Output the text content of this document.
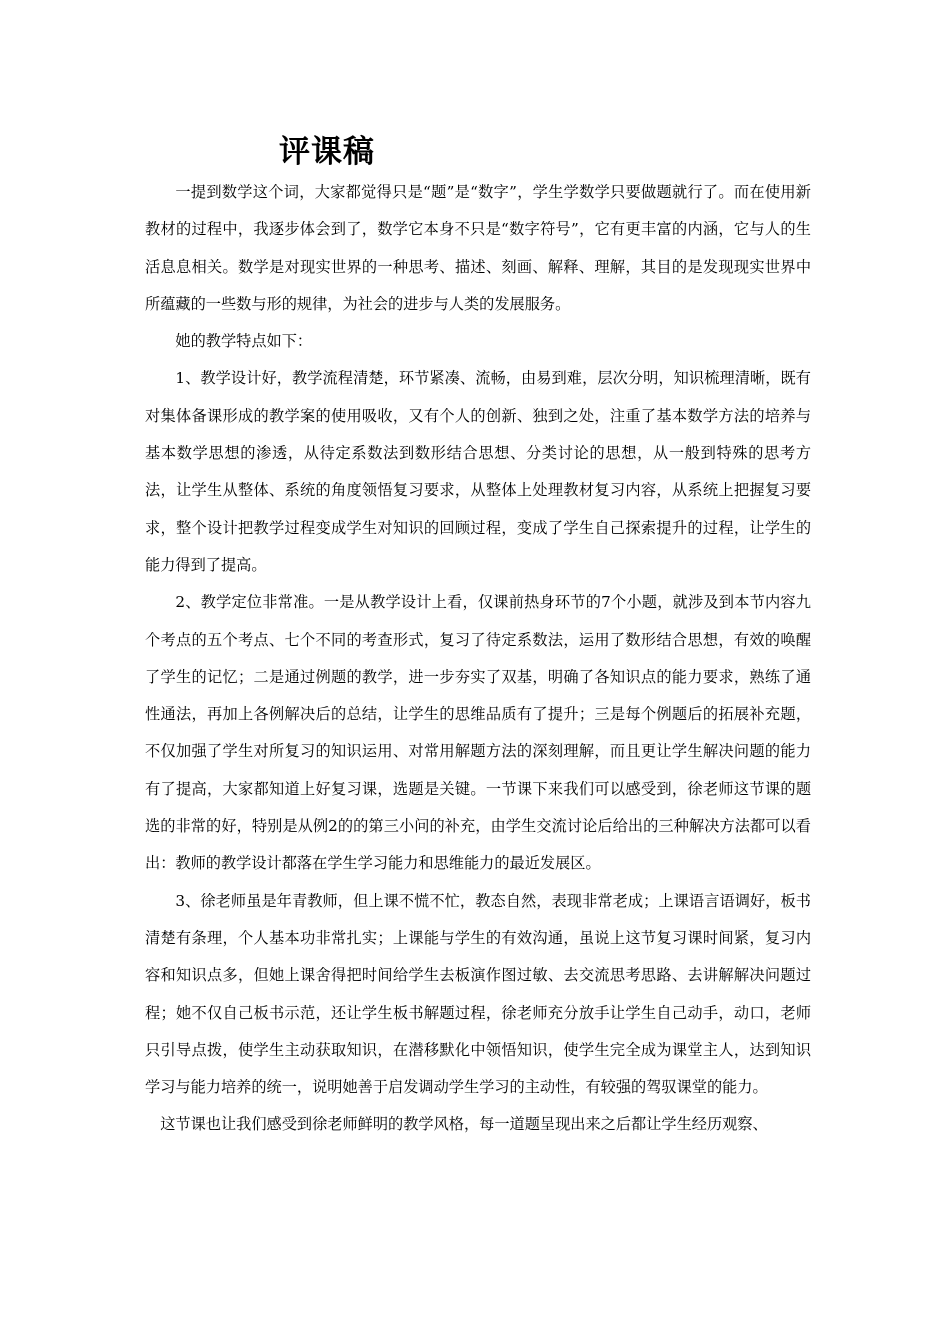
评课稿

一提到数学这个词，大家都觉得只是“题”是“数字”，学生学数学只要做题就行了。而在使用新教材的过程中，我逐步体会到了，数学它本身不只是“数字符号”，它有更丰富的内涵，它与人的生活息息相关。数学是对现实世界的一种思考、描述、刻画、解释、理解，其目的是发现现实世界中所蕴藏的一些数与形的规律，为社会的进步与人类的发展服务。

她的教学特点如下：

1、教学设计好，教学流程清楚，环节紧凑、流畅，由易到难，层次分明，知识梳理清晰，既有对集体备课形成的教学案的使用吸收，又有个人的创新、独到之处，注重了基本数学方法的培养与基本数学思想的渗透，从待定系数法到数形结合思想、分类讨论的思想，从一般到特殊的思考方法，让学生从整体、系统的角度领悟复习要求，从整体上处理教材复习内容，从系统上把握复习要求，整个设计把教学过程变成学生对知识的回顾过程，变成了学生自己探索提升的过程，让学生的能力得到了提高。

2、教学定位非常准。一是从教学设计上看，仅课前热身环节的7个小题，就涉及到本节内容九个考点的五个考点、七个不同的考查形式，复习了待定系数法，运用了数形结合思想，有效的唤醒了学生的记忆；二是通过例题的教学，进一步夯实了双基，明确了各知识点的能力要求，熟练了通性通法，再加上各例解决后的总结，让学生的思维品质有了提升；三是每个例题后的拓展补充题，不仅加强了学生对所复习的知识运用、对常用解题方法的深刻理解，而且更让学生解决问题的能力有了提高，大家都知道上好复习课，选题是关键。一节课下来我们可以感受到，徐老师这节课的题选的非常的好，特别是从例2的的第三小问的补充，由学生交流讨论后给出的三种解决方法都可以看出：教师的教学设计都落在学生学习能力和思维能力的最近发展区。

3、徐老师虽是年青教师，但上课不慌不忙，教态自然，表现非常老成；上课语言语调好，板书清楚有条理，个人基本功非常扎实；上课能与学生的有效沟通，虽说上这节复习课时间紧，复习内容和知识点多，但她上课舍得把时间给学生去板演作图过敏、去交流思考思路、去讲解解决问题过程；她不仅自己板书示范，还让学生板书解题过程，徐老师充分放手让学生自己动手，动口，老师只引导点拨，使学生主动获取知识，在潜移默化中领悟知识，使学生完全成为课堂主人，达到知识学习与能力培养的统一，说明她善于启发调动学生学习的主动性，有较强的驾驭课堂的能力。

这节课也让我们感受到徐老师鲜明的教学风格，每一道题呈现出来之后都让学生经历观察、
